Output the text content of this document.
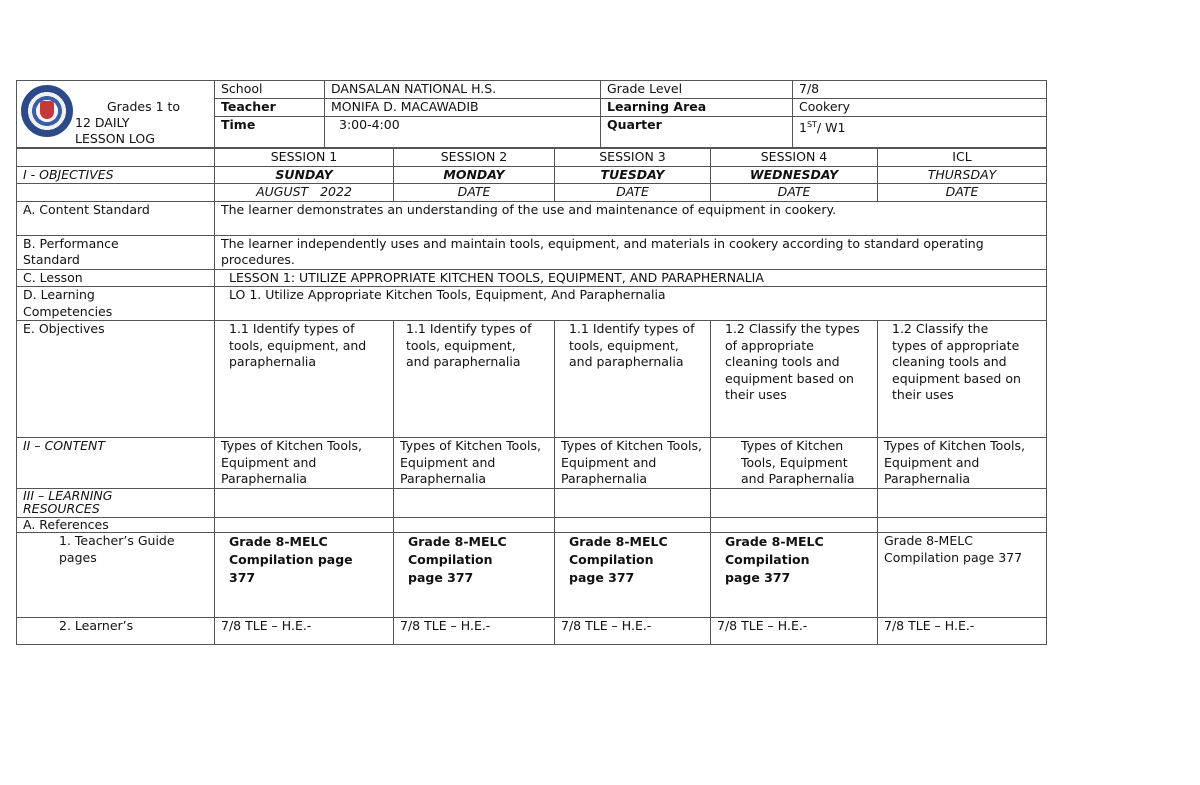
Grades 1 to
12 DAILY
LESSON LOG	School	DANSALAN NATIONAL H.S.	Grade Level	7/8
	Teacher	MONIFA D. MACAWADIB	Learning Area	Cookery
	Time	3:00-4:00	Quarter	1ST/ W1
	SESSION 1	SESSION 2	SESSION 3	SESSION 4	ICL
I - OBJECTIVES	SUNDAY	MONDAY	TUESDAY	WEDNESDAY	THURSDAY
	AUGUST   2022	DATE	DATE	DATE	DATE
A. Content Standard	The learner demonstrates an understanding of the use and maintenance of equipment in cookery.				

B. Performance
Standard	The learner independently uses and maintain tools, equipment, and materials in cookery according to standard operating procedures.				
C. Lesson	LESSON 1: UTILIZE APPROPRIATE KITCHEN TOOLS, EQUIPMENT, AND PARAPHERNALIA				

D. Learning
Competencies	LO 1. Utilize Appropriate Kitchen Tools, Equipment, And Paraphernalia				
E. Objectives	1.1 Identify types of tools, equipment, and paraphernalia	1.1 Identify types of tools, equipment, and paraphernalia	1.1 Identify types of tools, equipment, and paraphernalia	1.2 Classify the types of appropriate cleaning tools and equipment based on their uses	1.2 Classify the types of appropriate cleaning tools and equipment based on their uses
II – CONTENT	Types of Kitchen Tools, Equipment and Paraphernalia	Types of Kitchen Tools, Equipment and Paraphernalia	Types of Kitchen Tools, Equipment and Paraphernalia	Types of Kitchen Tools, Equipment and Paraphernalia	Types of Kitchen Tools, Equipment and Paraphernalia

III – LEARNING
RESOURCES					

A. References					

1. Teacher’s Guide
pages	Grade 8-MELC Compilation page 377	Grade 8-MELC Compilation page 377	Grade 8-MELC Compilation page 377	Grade 8-MELC Compilation page 377	Grade 8-MELC Compilation page 377
2. Learner’s	7/8 TLE – H.E.-	7/8 TLE – H.E.-	7/8 TLE – H.E.-	7/8 TLE – H.E.-	7/8 TLE – H.E.-
